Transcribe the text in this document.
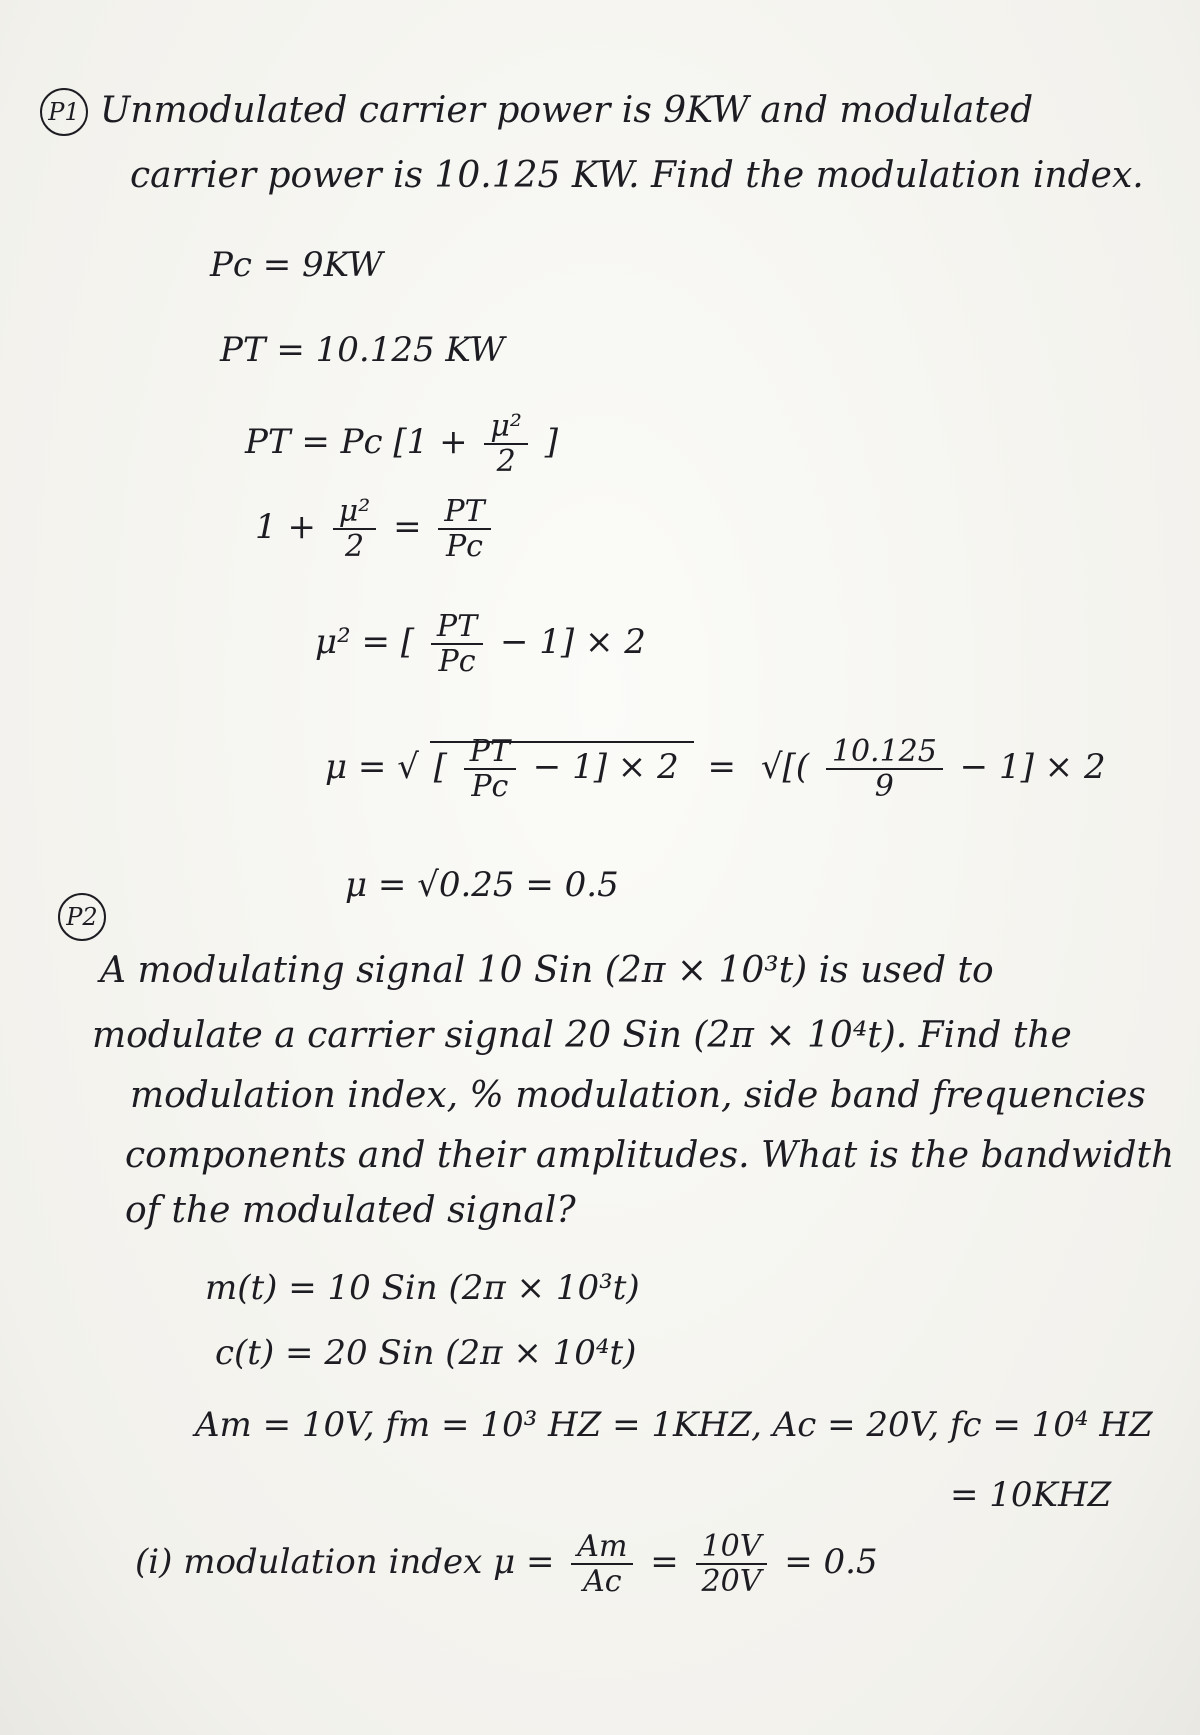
P1 Unmodulated carrier power is 9KW and modulated
carrier power is 10.125 KW. Find the modulation index.
Pc = 9KW
PT = 10.125 KW
PT = Pc [$1 + \frac{\text{μ²}}{2}$ ]
$1 + \frac{\text{μ²}}{2} = \frac{PT}{Pc}$
μ² = [ $\frac{PT}{Pc} - 1] \times 2$
μ = √ [ $\frac{PT}{Pc} - 1] \times 2$ = √[( $\frac{10.125}{9} - 1] \times 2$
μ = √0.25 = 0.5
P2
A modulating signal 10 Sin (2π × 10³t) is used to
modulate a carrier signal 20 Sin (2π × 10⁴t). Find the
modulation index, % modulation, side band frequencies
components and their amplitudes. What is the bandwidth
of the modulated signal?
m(t) = 10 Sin (2π × 10³t)
c(t) = 20 Sin (2π × 10⁴t)
Am = 10V, fm = 10³ HZ = 1KHZ, Ac = 20V, fc = 10⁴ HZ
= 10KHZ
(i) modulation index $\mu = \frac{Am}{Ac} = \frac{10V}{20V} = 0.5$
